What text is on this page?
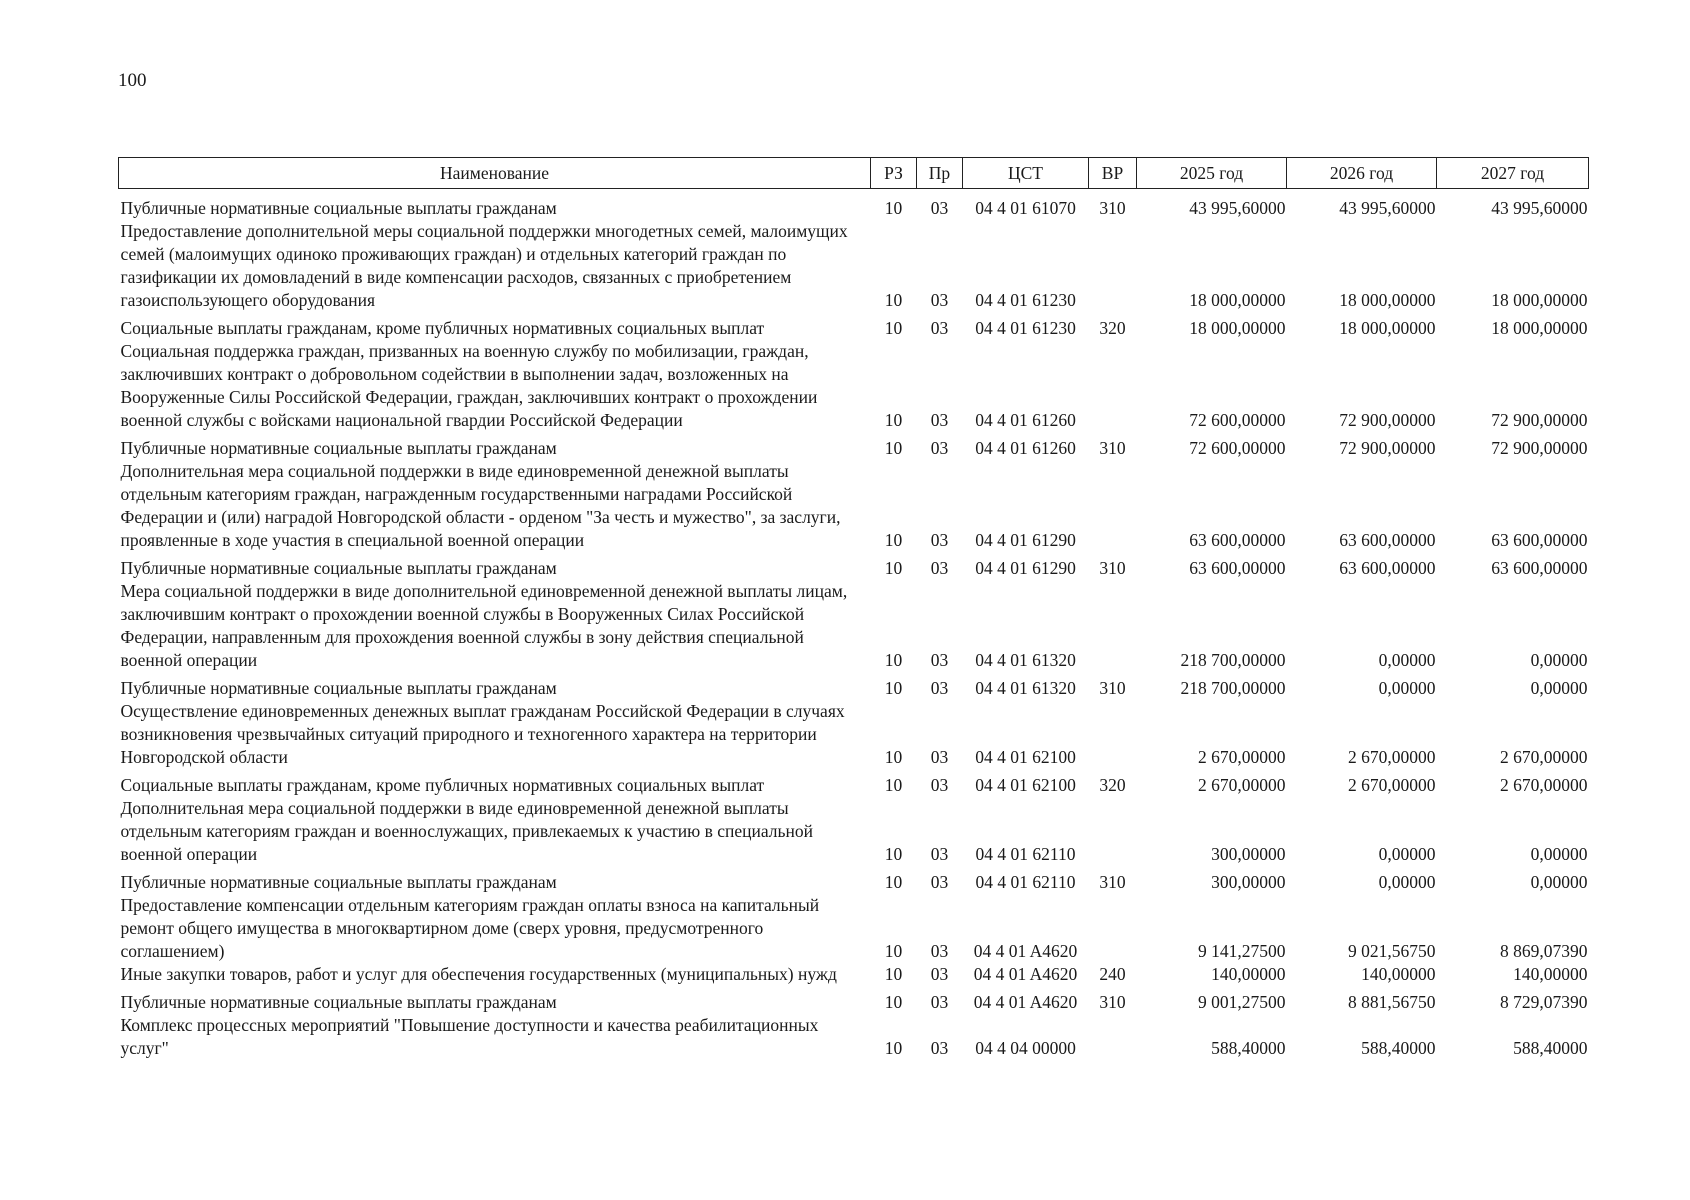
100
Наименование	РЗ	Пр	ЦСТ	ВР	2025 год	2026 год	2027 год
Публичные нормативные социальные выплаты гражданам	10	03	04 4 01 61070	310	43 995,60000	43 995,60000	43 995,60000
Предоставление дополнительной меры социальной поддержки многодетных семей, малоимущих семей (малоимущих одиноко проживающих граждан) и отдельных категорий граждан по газификации их домовладений в виде компенсации расходов, связанных с приобретением газоиспользующего оборудования	10	03	04 4 01 61230		18 000,00000	18 000,00000	18 000,00000
Социальные выплаты гражданам, кроме публичных нормативных социальных выплат	10	03	04 4 01 61230	320	18 000,00000	18 000,00000	18 000,00000
Социальная поддержка граждан, призванных на военную службу по мобилизации, граждан, заключивших контракт о добровольном содействии в выполнении задач, возложенных на Вооруженные Силы Российской Федерации, граждан, заключивших контракт о прохождении военной службы с войсками национальной гвардии Российской Федерации	10	03	04 4 01 61260		72 600,00000	72 900,00000	72 900,00000
Публичные нормативные социальные выплаты гражданам	10	03	04 4 01 61260	310	72 600,00000	72 900,00000	72 900,00000
Дополнительная мера социальной поддержки в виде единовременной денежной выплаты отдельным категориям граждан, награжденным государственными наградами Российской Федерации и (или) наградой Новгородской области - орденом "За честь и мужество", за заслуги, проявленные в ходе участия в специальной военной операции	10	03	04 4 01 61290		63 600,00000	63 600,00000	63 600,00000
Публичные нормативные социальные выплаты гражданам	10	03	04 4 01 61290	310	63 600,00000	63 600,00000	63 600,00000
Мера социальной поддержки в виде дополнительной единовременной денежной выплаты лицам, заключившим контракт о прохождении военной службы в Вооруженных Силах Российской Федерации, направленным для прохождения военной службы в зону действия специальной военной операции	10	03	04 4 01 61320		218 700,00000	0,00000	0,00000
Публичные нормативные социальные выплаты гражданам	10	03	04 4 01 61320	310	218 700,00000	0,00000	0,00000
Осуществление единовременных денежных выплат гражданам Российской Федерации в случаях возникновения чрезвычайных ситуаций природного и техногенного характера на территории Новгородской области	10	03	04 4 01 62100		2 670,00000	2 670,00000	2 670,00000
Социальные выплаты гражданам, кроме публичных нормативных социальных выплат	10	03	04 4 01 62100	320	2 670,00000	2 670,00000	2 670,00000
Дополнительная мера социальной поддержки в виде единовременной денежной выплаты отдельным категориям граждан и военнослужащих, привлекаемых к участию в специальной военной операции	10	03	04 4 01 62110		300,00000	0,00000	0,00000
Публичные нормативные социальные выплаты гражданам	10	03	04 4 01 62110	310	300,00000	0,00000	0,00000
Предоставление компенсации отдельным категориям граждан оплаты взноса на капитальный ремонт общего имущества в многоквартирном доме (сверх уровня, предусмотренного соглашением)	10	03	04 4 01 A4620		9 141,27500	9 021,56750	8 869,07390
Иные закупки товаров, работ и услуг для обеспечения государственных (муниципальных) нужд	10	03	04 4 01 A4620	240	140,00000	140,00000	140,00000
Публичные нормативные социальные выплаты гражданам	10	03	04 4 01 A4620	310	9 001,27500	8 881,56750	8 729,07390
Комплекс процессных мероприятий "Повышение доступности и качества реабилитационных услуг"	10	03	04 4 04 00000		588,40000	588,40000	588,40000
